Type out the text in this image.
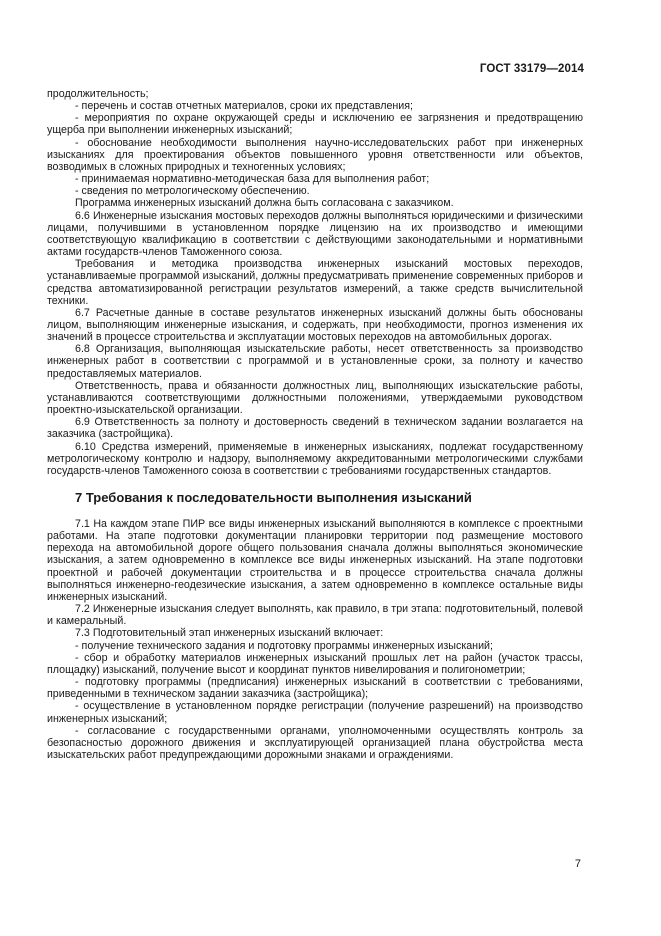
ГОСТ 33179—2014

продолжительность;

- перечень и состав отчетных материалов, сроки их представления;

- мероприятия по охране окружающей среды и исключению ее загрязнения и предотвращению ущерба при выполнении инженерных изысканий;

- обоснование необходимости выполнения научно-исследовательских работ при инженерных изысканиях для проектирования объектов повышенного уровня ответственности или объектов, возводимых в сложных природных и техногенных условиях;

- принимаемая нормативно-методическая база для выполнения работ;

- сведения по метрологическому обеспечению.

Программа инженерных изысканий должна быть согласована с заказчиком.

6.6 Инженерные изыскания мостовых переходов должны выполняться юридическими и физическими лицами, получившими в установленном порядке лицензию на их производство и имеющими соответствующую квалификацию в соответствии с действующими законодательными и нормативными актами государств-членов Таможенного союза.

Требования и методика производства инженерных изысканий мостовых переходов, устанавливаемые программой изысканий, должны предусматривать применение современных приборов и средства автоматизированной регистрации результатов измерений, а также средств вычислительной техники.

6.7 Расчетные данные в составе результатов инженерных изысканий должны быть обоснованы лицом, выполняющим инженерные изыскания, и содержать, при необходимости, прогноз изменения их значений в процессе строительства и эксплуатации мостовых переходов на автомобильных дорогах.

6.8 Организация, выполняющая изыскательские работы, несет ответственность за производство инженерных работ в соответствии с программой и в установленные сроки, за полноту и качество предоставляемых материалов.

Ответственность, права и обязанности должностных лиц, выполняющих изыскательские работы, устанавливаются соответствующими должностными положениями, утверждаемыми руководством проектно-изыскательской организации.

6.9 Ответственность за полноту и достоверность сведений в техническом задании возлагается на заказчика (застройщика).

6.10 Средства измерений, применяемые в инженерных изысканиях, подлежат государственному метрологическому контролю и надзору, выполняемому аккредитованными метрологическими службами государств-членов Таможенного союза в соответствии с требованиями государственных стандартов.

7 Требования к последовательности выполнения изысканий

7.1 На каждом этапе ПИР все виды инженерных изысканий выполняются в комплексе с проектными работами. На этапе подготовки документации планировки территории под размещение мостового перехода на автомобильной дороге общего пользования сначала должны выполняться экономические изыскания, а затем одновременно в комплексе все виды инженерных изысканий. На этапе подготовки проектной и рабочей документации строительства и в процессе строительства сначала должны выполняться инженерно-геодезические изыскания, а затем одновременно в комплексе остальные виды инженерных изысканий.

7.2 Инженерные изыскания следует выполнять, как правило, в три этапа: подготовительный, полевой и камеральный.

7.3 Подготовительный этап инженерных изысканий включает:

- получение технического задания и подготовку программы инженерных изысканий;

- сбор и обработку материалов инженерных изысканий прошлых лет на район (участок трассы, площадку) изысканий, получение высот и координат пунктов нивелирования и полигонометрии;

- подготовку программы (предписания) инженерных изысканий в соответствии с требованиями, приведенными в техническом задании заказчика (застройщика);

- осуществление в установленном порядке регистрации (получение разрешений) на производство инженерных изысканий;

- согласование с государственными органами, уполномоченными осуществлять контроль за безопасностью дорожного движения и эксплуатирующей организацией плана обустройства места изыскательских работ предупреждающими дорожными знаками и ограждениями.

7
